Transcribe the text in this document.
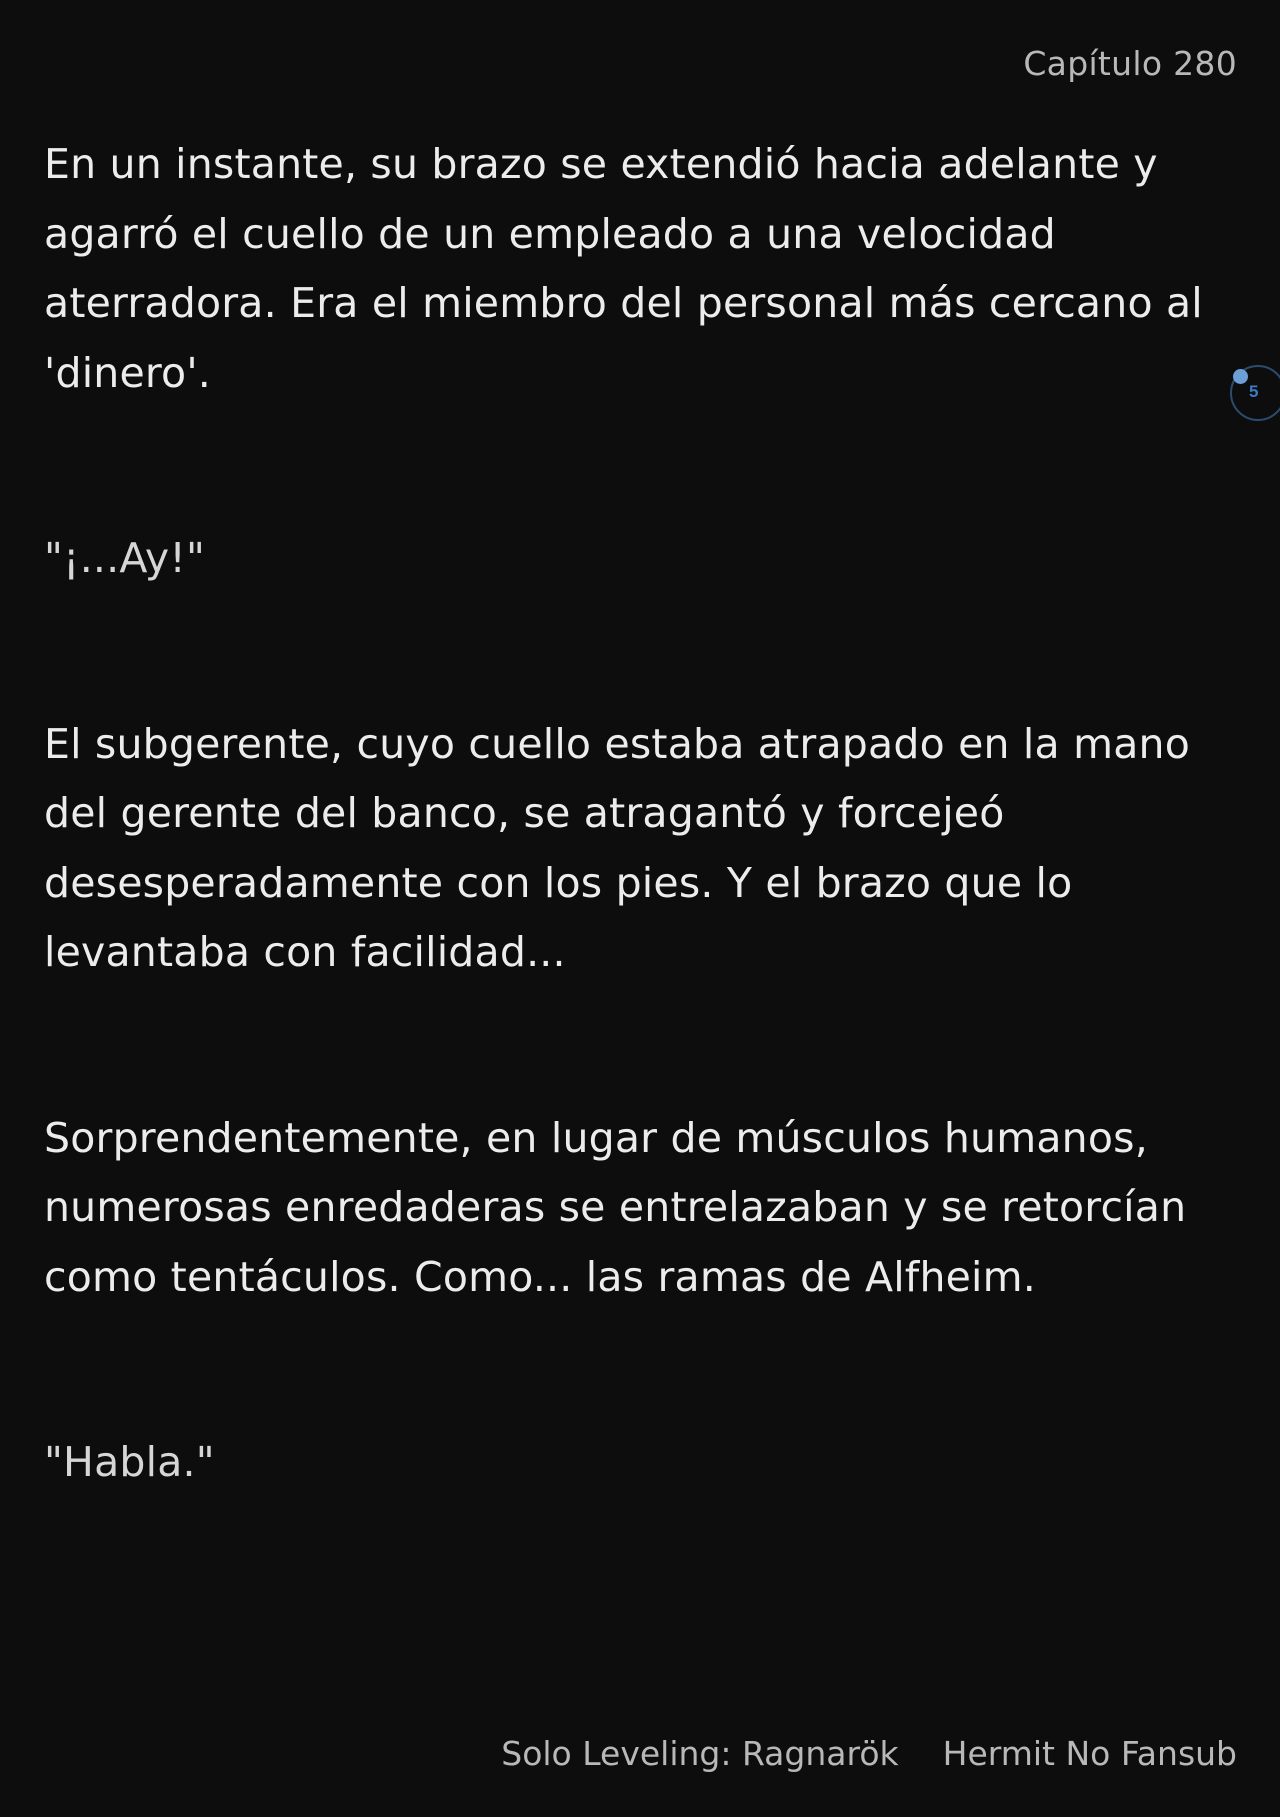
Capítulo 280

En un instante, su brazo se extendió hacia adelante y
agarró el cuello de un empleado a una velocidad
aterradora. Era el miembro del personal más cercano al
'dinero'.

"¡...Ay!"

El subgerente, cuyo cuello estaba atrapado en la mano
del gerente del banco, se atragantó y forcejeó
desesperadamente con los pies. Y el brazo que lo
levantaba con facilidad...

Sorprendentemente, en lugar de músculos humanos,
numerosas enredaderas se entrelazaban y se retorcían
como tentáculos. Como... las ramas de Alfheim.

"Habla."

5
Solo Leveling: Ragnarök Hermit No Fansub
